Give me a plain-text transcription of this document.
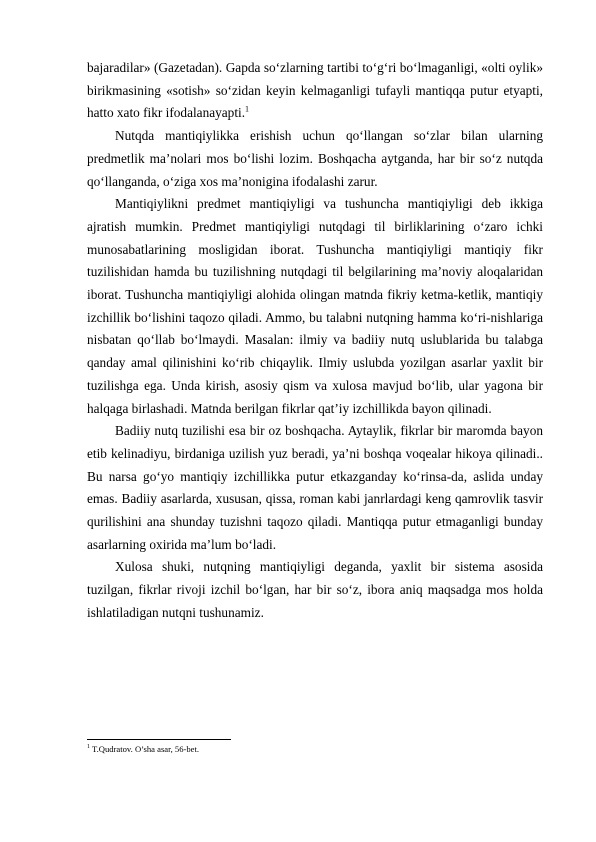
bajaradilar» (Gazetadan). Gapda so‘zlarning tartibi to‘g‘ri bo‘lmaganligi, «olti oylik» birikmasining «sotish» so‘zidan keyin kelmaganligi tufayli mantiqqa putur etyapti, hatto xato fikr ifodalanayapti.$^1$

Nutqda mantiqiylikka erishish uchun qo‘llangan so‘zlar bilan ularning predmetlik ma’nolari mos bo‘lishi lozim. Boshqacha aytganda, har bir so‘z nutqda qo‘llanganda, o‘ziga xos ma’nonigina ifodalashi zarur.

Mantiqiylikni predmet mantiqiyligi va tushuncha mantiqiyligi deb ikkiga ajratish mumkin. Predmet mantiqiyligi nutqdagi til birliklarining o‘zaro ichki munosabatlarining mosligidan iborat. Tushuncha mantiqiyligi mantiqiy fikr tuzilishidan hamda bu tuzilishning nutqdagi til belgilarining ma’noviy aloqalaridan iborat. Tushuncha mantiqiyligi alohida olingan matnda fikriy ketma-ketlik, mantiqiy izchillik bo‘lishini taqozo qiladi. Ammo, bu talabni nutqning hamma ko‘ri-nishlariga nisbatan qo‘llab bo‘lmaydi. Masalan: ilmiy va badiiy nutq uslublarida bu talabga qanday amal qilinishini ko‘rib chiqaylik. Ilmiy uslubda yozilgan asarlar yaxlit bir tuzilishga ega. Unda kirish, asosiy qism va xulosa mavjud bo‘lib, ular yagona bir halqaga birlashadi. Matnda berilgan fikrlar qat’iy izchillikda bayon qilinadi.

Badiiy nutq tuzilishi esa bir oz boshqacha. Aytaylik, fikrlar bir maromda bayon etib kelinadiyu, birdaniga uzilish yuz beradi, ya’ni boshqa voqealar hikoya qilinadi.. Bu narsa go‘yo mantiqiy izchillikka putur etkazganday ko‘rinsa-da, aslida unday emas. Badiiy asarlarda, xususan, qissa, roman kabi janrlardagi keng qamrovlik tasvir qurilishini ana shunday tuzishni taqozo qiladi. Mantiqqa putur etmaganligi bunday asarlarning oxirida ma’lum bo‘ladi.

Xulosa shuki, nutqning mantiqiyligi deganda, yaxlit bir sistema asosida tuzilgan, fikrlar rivoji izchil bo‘lgan, har bir so‘z, ibora aniq maqsadga mos holda ishlatiladigan nutqni tushunamiz.

$^1$ T.Qudratov. O’sha asar, 56-bet.
